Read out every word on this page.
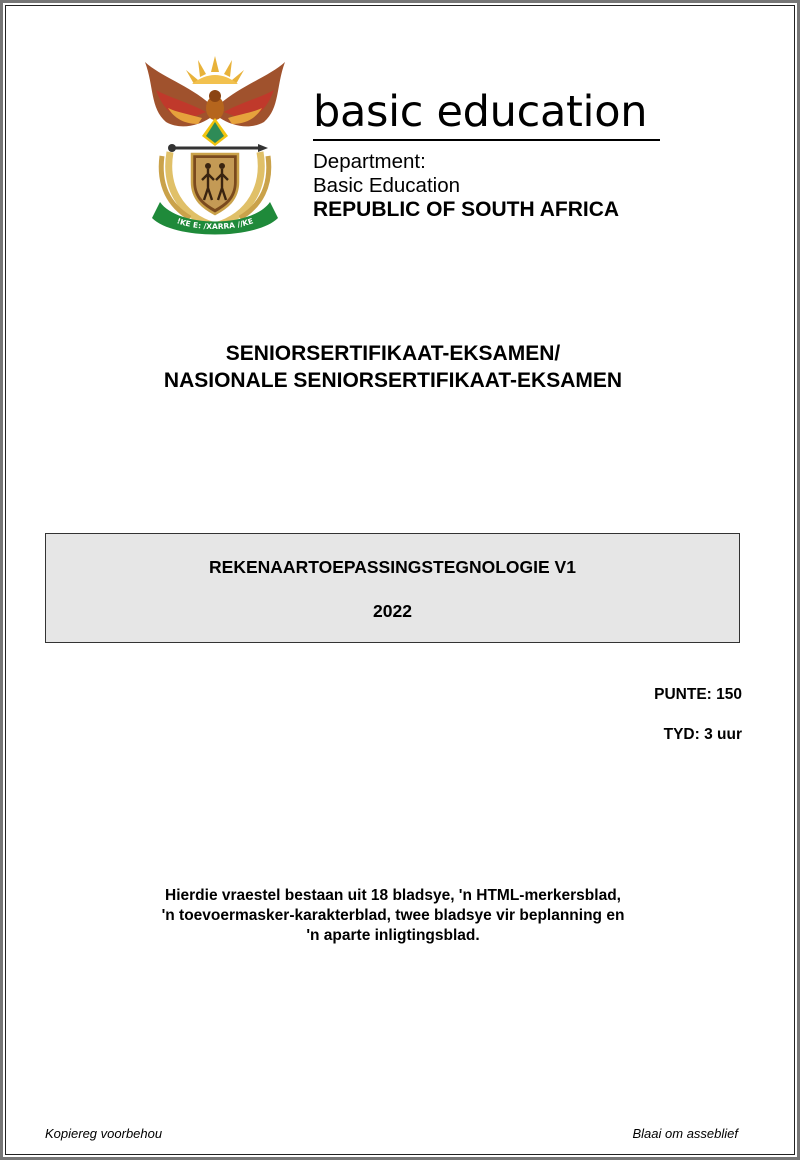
!KE E: /XARRA //KE
basic education
Department:
Basic Education
REPUBLIC OF SOUTH AFRICA
SENIORSERTIFIKAAT-EKSAMEN/
NASIONALE SENIORSERTIFIKAAT-EKSAMEN
REKENAARTOEPASSINGSTEGNOLOGIE V1
2022
PUNTE: 150
TYD: 3 uur
Hierdie vraestel bestaan uit 18 bladsye, 'n HTML-merkersblad,
'n toevoermasker-karakterblad, twee bladsye vir beplanning en
'n aparte inligtingsblad.
Kopiereg voorbehou	Blaai om asseblief
